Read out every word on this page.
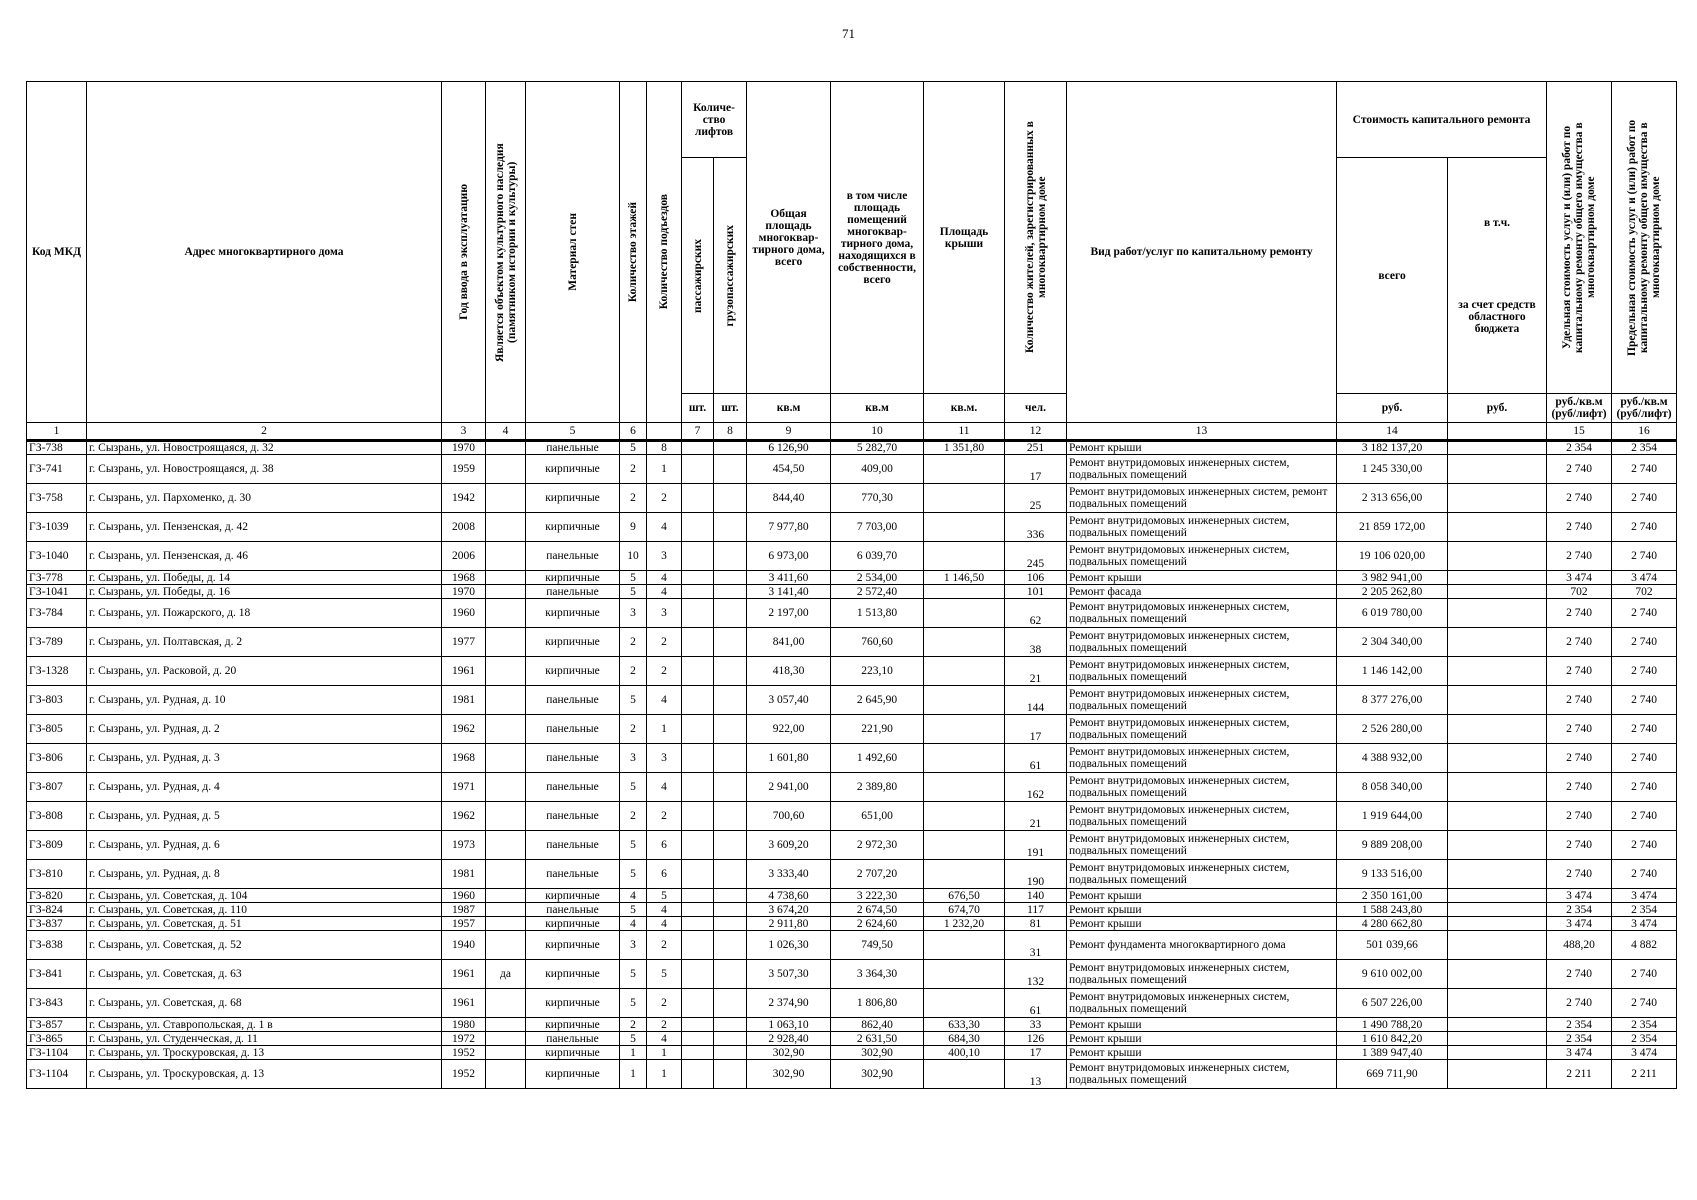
71
Код МКД	Адрес многоквартирного дома	Год ввода в эксплуатацию	Является объектом культурного наследия (памятником истории и культуры)	Материал стен	Количество этажей	Количество подъездов	Количе-ство лифтов		Общая площадь многоквар-тирного дома, всего	в том числе площадь помещений многоквар-тирного дома, находящихся в собственности, всего	Площадь крыши	Количество жителей, зарегистрированных в многоквартирном доме	Вид работ/услуг по капитальному ремонту	Стоимость капитального ремонта		Удельная стоимость услуг и (или) работ по капитальному ремонту общего имущества в многоквартирном доме	Предельная стоимость услуг и (или) работ по капитальному ремонту общего имущества в многоквартирном доме

							пассажирских	грузопассажирских						всего	в т.ч.
за счет средств областного бюджета		

							шт.	шт.	кв.м	кв.м	кв.м.	чел.		руб.	руб.	руб./кв.м (руб/лифт)	руб./кв.м (руб/лифт)
1	2	3	4	5	6		7	8	9	10	11	12	13	14		15	16
ГЗ-738	г. Сызрань, ул. Новостроящаяся, д. 32	1970		панельные	5	8			6 126,90	5 282,70	1 351,80	251	Ремонт крыши	3 182 137,20		2 354	2 354
ГЗ-741	г. Сызрань, ул. Новостроящаяся, д. 38	1959		кирпичные	2	1			454,50	409,00		17	Ремонт внутридомовых инженерных систем, подвальных помещений	1 245 330,00		2 740	2 740
ГЗ-758	г. Сызрань, ул. Пархоменко, д. 30	1942		кирпичные	2	2			844,40	770,30		25	Ремонт внутридомовых инженерных систем, ремонт подвальных помещений	2 313 656,00		2 740	2 740
ГЗ-1039	г. Сызрань, ул. Пензенская, д. 42	2008		кирпичные	9	4			7 977,80	7 703,00		336	Ремонт внутридомовых инженерных систем, подвальных помещений	21 859 172,00		2 740	2 740
ГЗ-1040	г. Сызрань, ул. Пензенская, д. 46	2006		панельные	10	3			6 973,00	6 039,70		245	Ремонт внутридомовых инженерных систем, подвальных помещений	19 106 020,00		2 740	2 740
ГЗ-778	г. Сызрань, ул. Победы, д. 14	1968		кирпичные	5	4			3 411,60	2 534,00	1 146,50	106	Ремонт крыши	3 982 941,00		3 474	3 474
ГЗ-1041	г. Сызрань, ул. Победы, д. 16	1970		панельные	5	4			3 141,40	2 572,40		101	Ремонт фасада	2 205 262,80		702	702
ГЗ-784	г. Сызрань, ул. Пожарского, д. 18	1960		кирпичные	3	3			2 197,00	1 513,80		62	Ремонт внутридомовых инженерных систем, подвальных помещений	6 019 780,00		2 740	2 740
ГЗ-789	г. Сызрань, ул. Полтавская, д. 2	1977		кирпичные	2	2			841,00	760,60		38	Ремонт внутридомовых инженерных систем, подвальных помещений	2 304 340,00		2 740	2 740
ГЗ-1328	г. Сызрань, ул. Расковой, д. 20	1961		кирпичные	2	2			418,30	223,10		21	Ремонт внутридомовых инженерных систем, подвальных помещений	1 146 142,00		2 740	2 740
ГЗ-803	г. Сызрань, ул. Рудная, д. 10	1981		панельные	5	4			3 057,40	2 645,90		144	Ремонт внутридомовых инженерных систем, подвальных помещений	8 377 276,00		2 740	2 740
ГЗ-805	г. Сызрань, ул. Рудная, д. 2	1962		панельные	2	1			922,00	221,90		17	Ремонт внутридомовых инженерных систем, подвальных помещений	2 526 280,00		2 740	2 740
ГЗ-806	г. Сызрань, ул. Рудная, д. 3	1968		панельные	3	3			1 601,80	1 492,60		61	Ремонт внутридомовых инженерных систем, подвальных помещений	4 388 932,00		2 740	2 740
ГЗ-807	г. Сызрань, ул. Рудная, д. 4	1971		панельные	5	4			2 941,00	2 389,80		162	Ремонт внутридомовых инженерных систем, подвальных помещений	8 058 340,00		2 740	2 740
ГЗ-808	г. Сызрань, ул. Рудная, д. 5	1962		панельные	2	2			700,60	651,00		21	Ремонт внутридомовых инженерных систем, подвальных помещений	1 919 644,00		2 740	2 740
ГЗ-809	г. Сызрань, ул. Рудная, д. 6	1973		панельные	5	6			3 609,20	2 972,30		191	Ремонт внутридомовых инженерных систем, подвальных помещений	9 889 208,00		2 740	2 740
ГЗ-810	г. Сызрань, ул. Рудная, д. 8	1981		панельные	5	6			3 333,40	2 707,20		190	Ремонт внутридомовых инженерных систем, подвальных помещений	9 133 516,00		2 740	2 740
ГЗ-820	г. Сызрань, ул. Советская, д. 104	1960		кирпичные	4	5			4 738,60	3 222,30	676,50	140	Ремонт крыши	2 350 161,00		3 474	3 474
ГЗ-824	г. Сызрань, ул. Советская, д. 110	1987		панельные	5	4			3 674,20	2 674,50	674,70	117	Ремонт крыши	1 588 243,80		2 354	2 354
ГЗ-837	г. Сызрань, ул. Советская, д. 51	1957		кирпичные	4	4			2 911,80	2 624,60	1 232,20	81	Ремонт крыши	4 280 662,80		3 474	3 474
ГЗ-838	г. Сызрань, ул. Советская, д. 52	1940		кирпичные	3	2			1 026,30	749,50		31	Ремонт фундамента многоквартирного дома	501 039,66		488,20	4 882
ГЗ-841	г. Сызрань, ул. Советская, д. 63	1961	да	кирпичные	5	5			3 507,30	3 364,30		132	Ремонт внутридомовых инженерных систем, подвальных помещений	9 610 002,00		2 740	2 740
ГЗ-843	г. Сызрань, ул. Советская, д. 68	1961		кирпичные	5	2			2 374,90	1 806,80		61	Ремонт внутридомовых инженерных систем, подвальных помещений	6 507 226,00		2 740	2 740
ГЗ-857	г. Сызрань, ул. Ставропольская, д. 1 в	1980		кирпичные	2	2			1 063,10	862,40	633,30	33	Ремонт крыши	1 490 788,20		2 354	2 354
ГЗ-865	г. Сызрань, ул. Студенческая, д. 11	1972		панельные	5	4			2 928,40	2 631,50	684,30	126	Ремонт крыши	1 610 842,20		2 354	2 354
ГЗ-1104	г. Сызрань, ул. Троскуровская, д. 13	1952		кирпичные	1	1			302,90	302,90	400,10	17	Ремонт крыши	1 389 947,40		3 474	3 474
ГЗ-1104	г. Сызрань, ул. Троскуровская, д. 13	1952		кирпичные	1	1			302,90	302,90		13	Ремонт внутридомовых инженерных систем, подвальных помещений	669 711,90		2 211	2 211
